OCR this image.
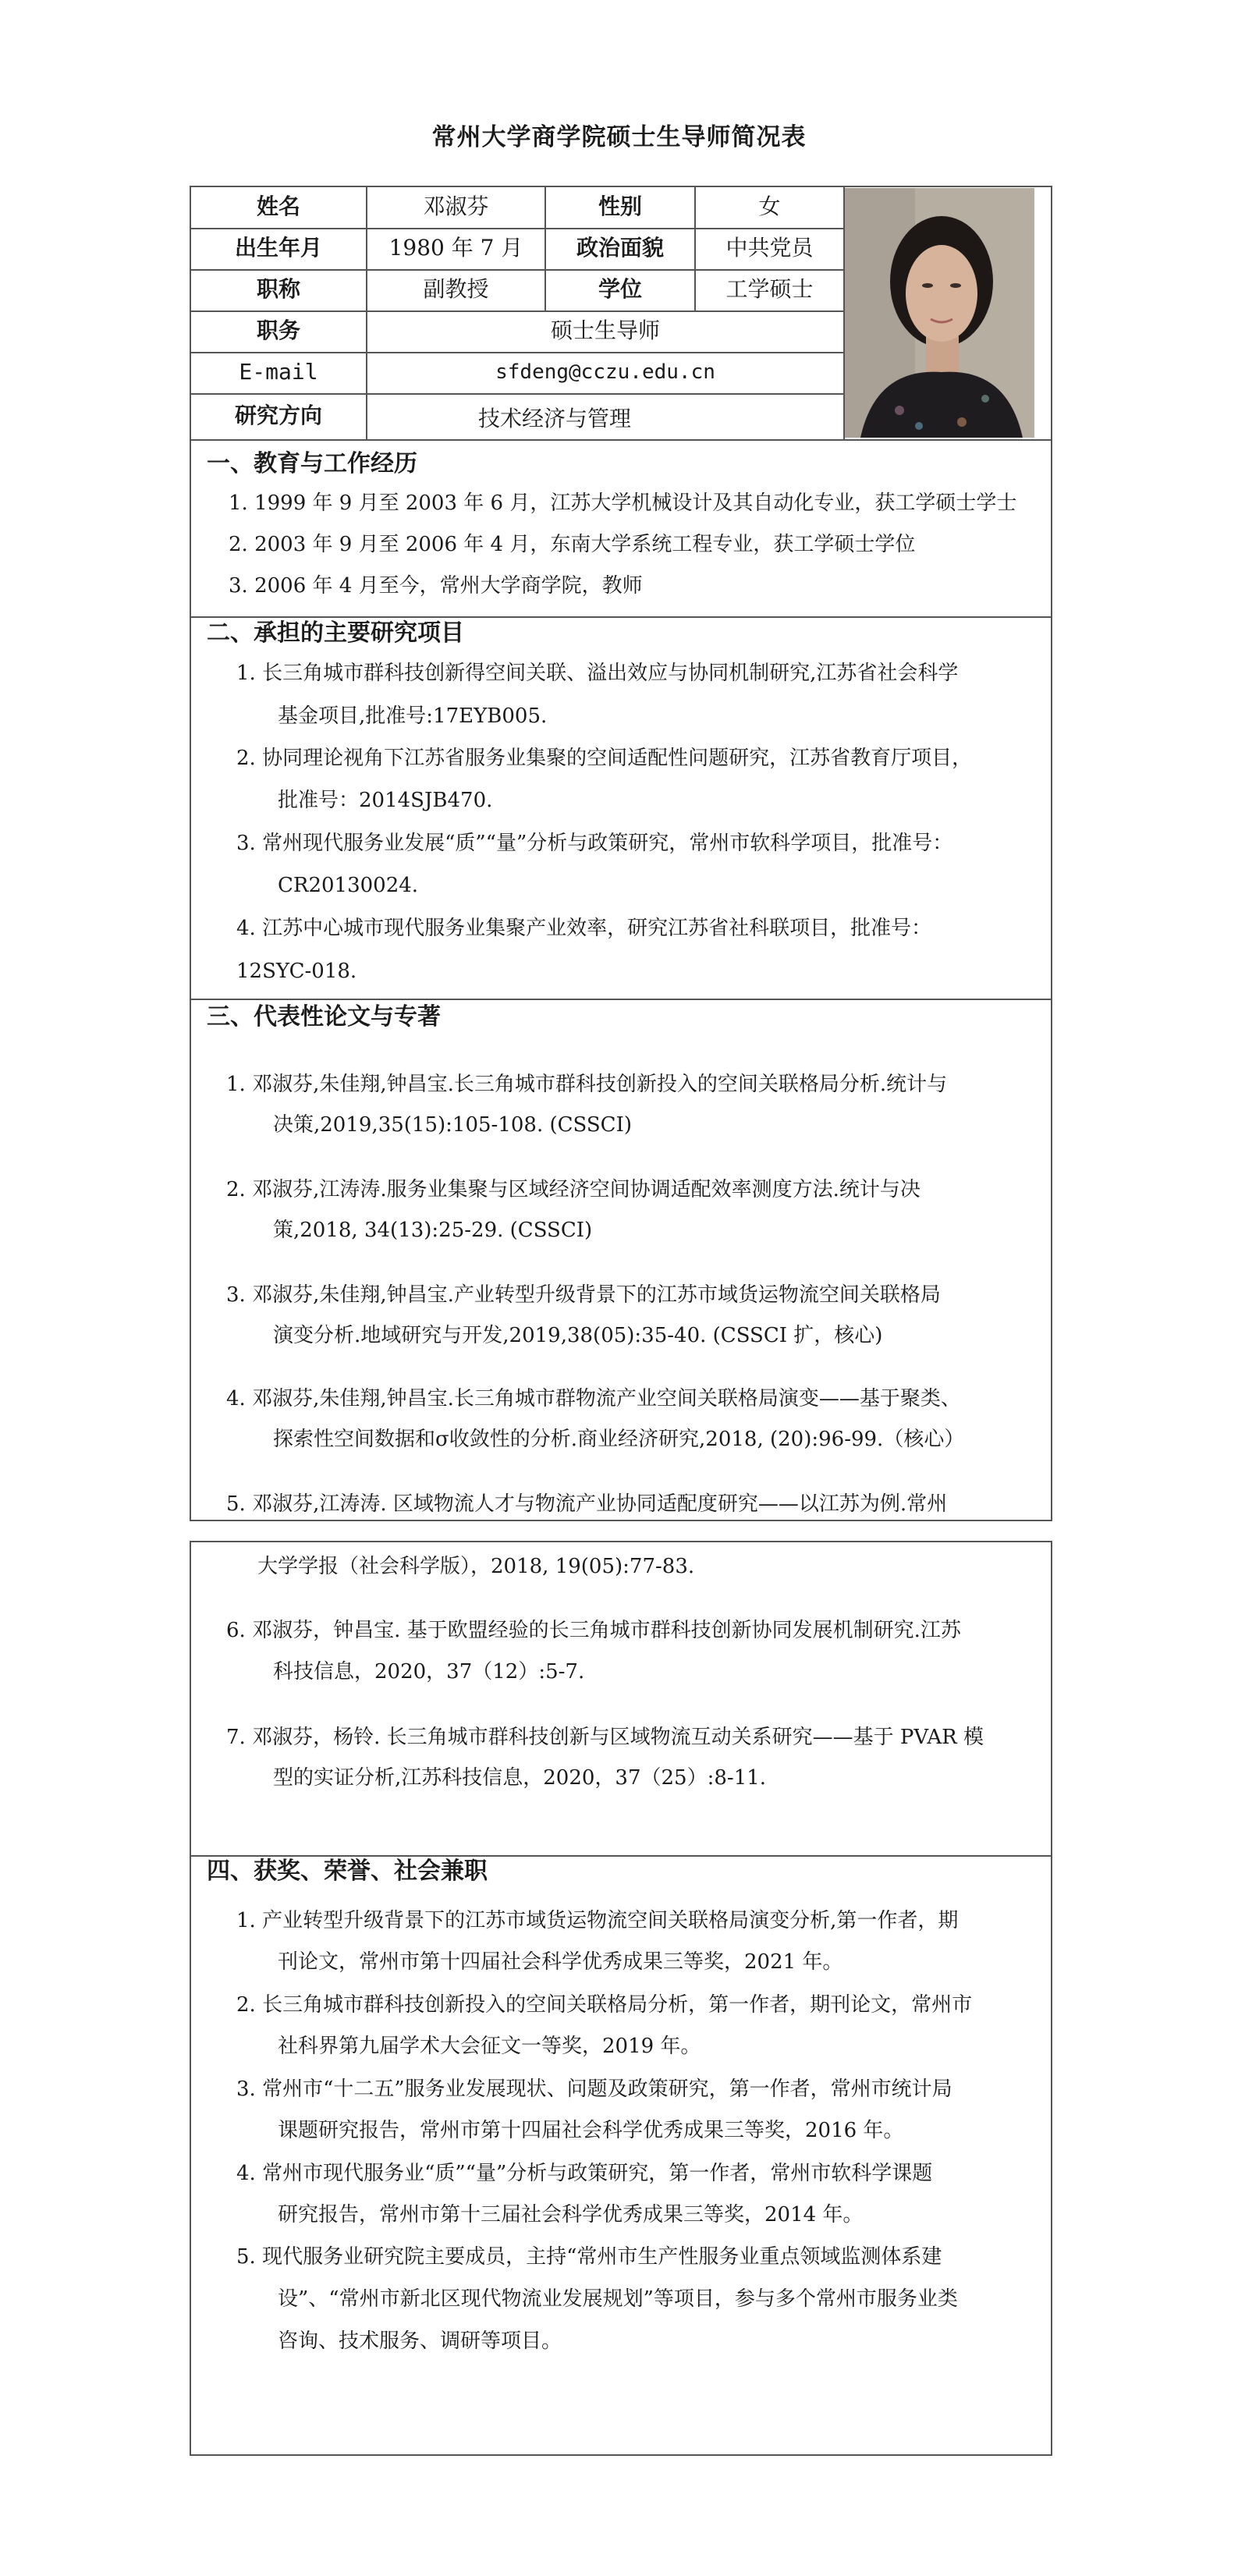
常州大学商学院硕士生导师简况表
姓名	邓淑芬	性别	女
出生年月	1980 年 7 月	政治面貌	中共党员
职称	副教授	学位	工学硕士
职务	硕士生导师
E-mail	sfdeng@cczu.edu.cn
研究方向	技术经济与管理
一、教育与工作经历
1. 1999 年 9 月至 2003 年 6 月，江苏大学机械设计及其自动化专业，获工学硕士学士
2. 2003 年 9 月至 2006 年 4 月，东南大学系统工程专业，获工学硕士学位
3. 2006 年 4 月至今，常州大学商学院，教师
二、承担的主要研究项目
1. 长三角城市群科技创新得空间关联、溢出效应与协同机制研究,江苏省社会科学
基金项目,批准号:17EYB005.
2. 协同理论视角下江苏省服务业集聚的空间适配性问题研究，江苏省教育厅项目，
批准号：2014SJB470.
3. 常州现代服务业发展“质”“量”分析与政策研究，常州市软科学项目，批准号：
CR20130024.
4. 江苏中心城市现代服务业集聚产业效率，研究江苏省社科联项目，批准号：
12SYC-018.
三、代表性论文与专著
1. 邓淑芬,朱佳翔,钟昌宝.长三角城市群科技创新投入的空间关联格局分析.统计与
决策,2019,35(15):105-108. (CSSCI)
2. 邓淑芬,江涛涛.服务业集聚与区域经济空间协调适配效率测度方法.统计与决
策,2018, 34(13):25-29. (CSSCI)
3. 邓淑芬,朱佳翔,钟昌宝.产业转型升级背景下的江苏市域货运物流空间关联格局
演变分析.地域研究与开发,2019,38(05):35-40. (CSSCI 扩，核心)
4. 邓淑芬,朱佳翔,钟昌宝.长三角城市群物流产业空间关联格局演变——基于聚类、
探索性空间数据和σ收敛性的分析.商业经济研究,2018, (20):96-99.（核心）
5. 邓淑芬,江涛涛. 区域物流人才与物流产业协同适配度研究——以江苏为例.常州
大学学报（社会科学版），2018, 19(05):77-83.
6. 邓淑芬，钟昌宝. 基于欧盟经验的长三角城市群科技创新协同发展机制研究.江苏
科技信息，2020，37（12）:5-7.
7. 邓淑芬，杨铃. 长三角城市群科技创新与区域物流互动关系研究——基于 PVAR 模
型的实证分析,江苏科技信息，2020，37（25）:8-11.
四、获奖、荣誉、社会兼职
1. 产业转型升级背景下的江苏市域货运物流空间关联格局演变分析,第一作者，期
刊论文，常州市第十四届社会科学优秀成果三等奖，2021 年。
2. 长三角城市群科技创新投入的空间关联格局分析，第一作者，期刊论文，常州市
社科界第九届学术大会征文一等奖，2019 年。
3. 常州市“十二五”服务业发展现状、问题及政策研究，第一作者，常州市统计局
课题研究报告，常州市第十四届社会科学优秀成果三等奖，2016 年。
4. 常州市现代服务业“质”“量”分析与政策研究，第一作者，常州市软科学课题
研究报告，常州市第十三届社会科学优秀成果三等奖，2014 年。
5. 现代服务业研究院主要成员，主持“常州市生产性服务业重点领域监测体系建
设”、“常州市新北区现代物流业发展规划”等项目，参与多个常州市服务业类
咨询、技术服务、调研等项目。
